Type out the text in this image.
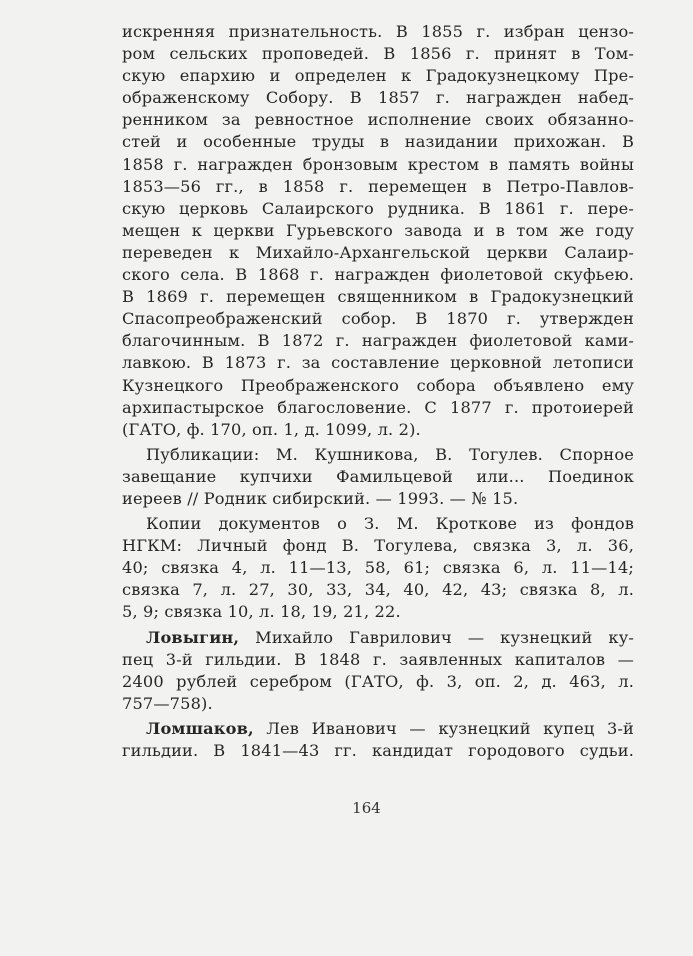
искренняя признательность. В 1855 г. избран цензо-
ром сельских проповедей. В 1856 г. принят в Том-
скую епархию и определен к Градокузнецкому Пре-
ображенскому Собору. В 1857 г. награжден набед-
ренником за ревностное исполнение своих обязанно-
стей и особенные труды в назидании прихожан. В
1858 г. награжден бронзовым крестом в память войны
1853—56 гг., в 1858 г. перемещен в Петро-Павлов-
скую церковь Салаирского рудника. В 1861 г. пере-
мещен к церкви Гурьевского завода и в том же году
переведен к Михайло-Архангельской церкви Салаир-
ского села. В 1868 г. награжден фиолетовой скуфьею.
В 1869 г. перемещен священником в Градокузнецкий
Спасопреображенский собор. В 1870 г. утвержден
благочинным. В 1872 г. награжден фиолетовой ками-
лавкою. В 1873 г. за составление церковной летописи
Кузнецкого Преображенского собора объявлено ему
архипастырское благословение. С 1877 г. протоиерей
(ГАТО, ф. 170, оп. 1, д. 1099, л. 2).
Публикации: М. Кушникова, В. Тогулев. Спорное
завещание купчихи Фамильцевой или... Поединок
иереев // Родник сибирский. — 1993. — № 15.
Копии документов о З. М. Кроткове из фондов
НГКМ: Личный фонд В. Тогулева, связка 3, л. 36,
40; связка 4, л. 11—13, 58, 61; связка 6, л. 11—14;
связка 7, л. 27, 30, 33, 34, 40, 42, 43; связка 8, л.
5, 9; связка 10, л. 18, 19, 21, 22.
Ловыгин, Михайло Гаврилович — кузнецкий ку-
пец 3-й гильдии. В 1848 г. заявленных капиталов —
2400 рублей серебром (ГАТО, ф. 3, оп. 2, д. 463, л.
757—758).
Ломшаков, Лев Иванович — кузнецкий купец 3-й
гильдии. В 1841—43 гг. кандидат городового судьи.
164
